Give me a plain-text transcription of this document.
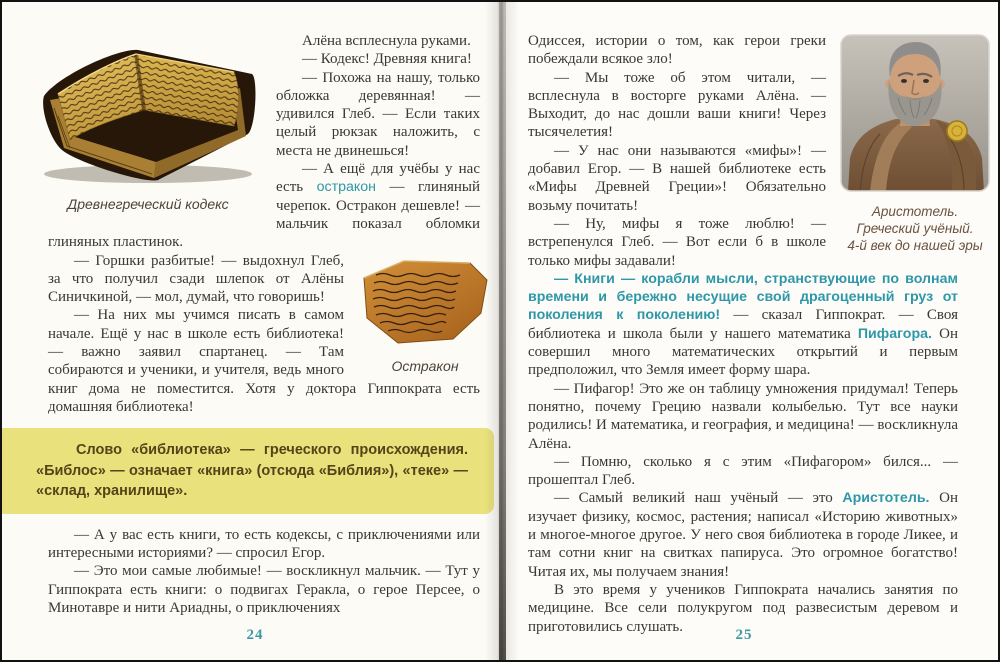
Древнегреческий кодекс

Алёна всплеснула руками.

— Кодекс! Древняя книга!

— Похожа на нашу, только обложка деревянная! — удивился Глеб. — Если таких целый рюкзак наложить, с места не двинешься!

— А ещё для учёбы у нас есть остракон — глиняный черепок. Остракон дешевле! — мальчик показал обломки глиняных пластинок.

Остракон

— Горшки разбитые! — выдохнул Глеб, за что получил сзади шлепок от Алёны Синичкиной, — мол, думай, что говоришь!

— На них мы учимся писать в самом начале. Ещё у нас в школе есть библиотека! — важно заявил спартанец. — Там собираются и ученики, и учителя, ведь много книг дома не поместится. Хотя у доктора Гиппократа есть домашняя библиотека!

Слово «библиотека» — греческого происхождения. «Библос» — означает «книга» (отсюда «Библия»), «теке» — «склад, хранилище».

— А у вас есть книги, то есть кодексы, с приключениями или интересными историями? — спросил Егор.

— Это мои самые любимые! — воскликнул мальчик. — Тут у Гиппократа есть книги: о подвигах Геракла, о герое Персее, о Минотавре и нити Ариадны, о приключениях

24
Аристотель.
Греческий учёный.
4-й век до нашей эры

Одиссея, истории о том, как герои греки побеждали всякое зло!

— Мы тоже об этом читали, — всплеснула в восторге руками Алёна. — Выходит, до нас дошли ваши книги! Через тысячелетия!

— У нас они называются «мифы»! — добавил Егор. — В нашей библиотеке есть «Мифы Древней Греции»! Обязательно возьму почитать!

— Ну, мифы я тоже люблю! — встрепенулся Глеб. — Вот если б в школе только мифы задавали!

— Книги — корабли мысли, странствующие по волнам времени и бережно несущие свой драгоценный груз от поколения к поколению! — сказал Гиппократ. — Своя библиотека и школа были у нашего математика Пифагора. Он совершил много математических открытий и первым предположил, что Земля имеет форму шара.

— Пифагор! Это же он таблицу умножения придумал! Теперь понятно, почему Грецию назвали колыбелью. Тут все науки родились! И математика, и география, и медицина! — воскликнула Алёна.

— Помню, сколько я с этим «Пифагором» бился... — прошептал Глеб.

— Самый великий наш учёный — это Аристотель. Он изучает физику, космос, растения; написал «Историю животных» и многое-многое другое. У него своя библиотека в городе Ликее, и там сотни книг на свитках папируса. Это огромное богатство! Читая их, мы получаем знания!

В это время у учеников Гиппократа начались занятия по медицине. Все сели полукругом под развесистым деревом и приготовились слушать.

25
